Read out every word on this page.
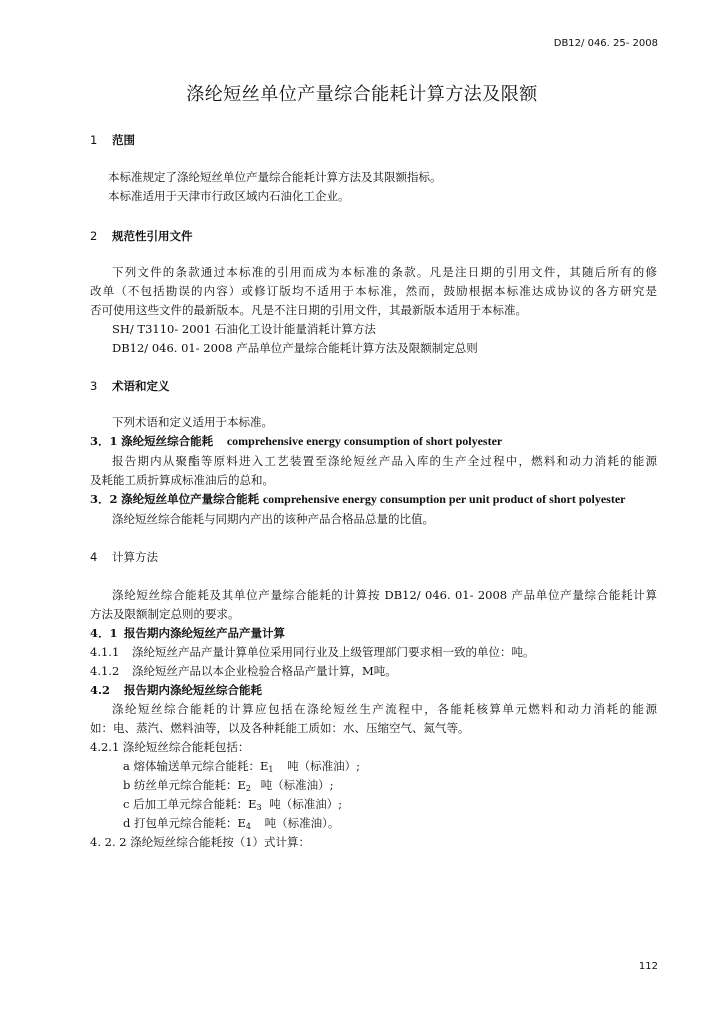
DB12/ 046. 25- 2008
涤纶短丝单位产量综合能耗计算方法及限额
1 范围
本标准规定了涤纶短丝单位产量综合能耗计算方法及其限额指标。
本标准适用于天津市行政区域内石油化工企业。
2 规范性引用文件
下列文件的条款通过本标准的引用而成为本标准的条款。凡是注日期的引用文件，其随后所有的修
改单（不包括勘误的内容）或修订版均不适用于本标准，然而，鼓励根据本标准达成协议的各方研究是
否可使用这些文件的最新版本。凡是不注日期的引用文件，其最新版本适用于本标准。
SH/ T3110- 2001 石油化工设计能量消耗计算方法
DB12/ 046. 01- 2008 产品单位产量综合能耗计算方法及限额制定总则
3 术语和定义
下列术语和定义适用于本标准。
3．1 涤纶短丝综合能耗 comprehensive energy consumption of short polyester
报告期内从聚酯等原料进入工艺装置至涤纶短丝产品入库的生产全过程中，燃料和动力消耗的能源
及耗能工质折算成标准油后的总和。
3．2 涤纶短丝单位产量综合能耗 comprehensive energy consumption per unit product of short polyester
涤纶短丝综合能耗与同期内产出的该种产品合格品总量的比值。
4 计算方法
涤纶短丝综合能耗及其单位产量综合能耗的计算按 DB12/ 046. 01- 2008 产品单位产量综合能耗计算
方法及限额制定总则的要求。
4．1 报告期内涤纶短丝产品产量计算
4.1.1 涤纶短丝产品产量计算单位采用同行业及上级管理部门要求相一致的单位：吨。
4.1.2 涤纶短丝产品以本企业检验合格品产量计算，M吨。
4.2 报告期内涤纶短丝综合能耗
涤纶短丝综合能耗的计算应包括在涤纶短丝生产流程中，各能耗核算单元燃料和动力消耗的能源
如：电、蒸汽、燃料油等，以及各种耗能工质如：水、压缩空气、氮气等。
4.2.1 涤纶短丝综合能耗包括：
a 熔体输送单元综合能耗：$E_1$ 吨（标准油）;
b 纺丝单元综合能耗：$E_2$ 吨（标准油）;
c 后加工单元综合能耗：$E_3$ 吨（标准油）;
d 打包单元综合能耗：$E_4$ 吨（标准油）。
4. 2. 2 涤纶短丝综合能耗按（1）式计算：
112
